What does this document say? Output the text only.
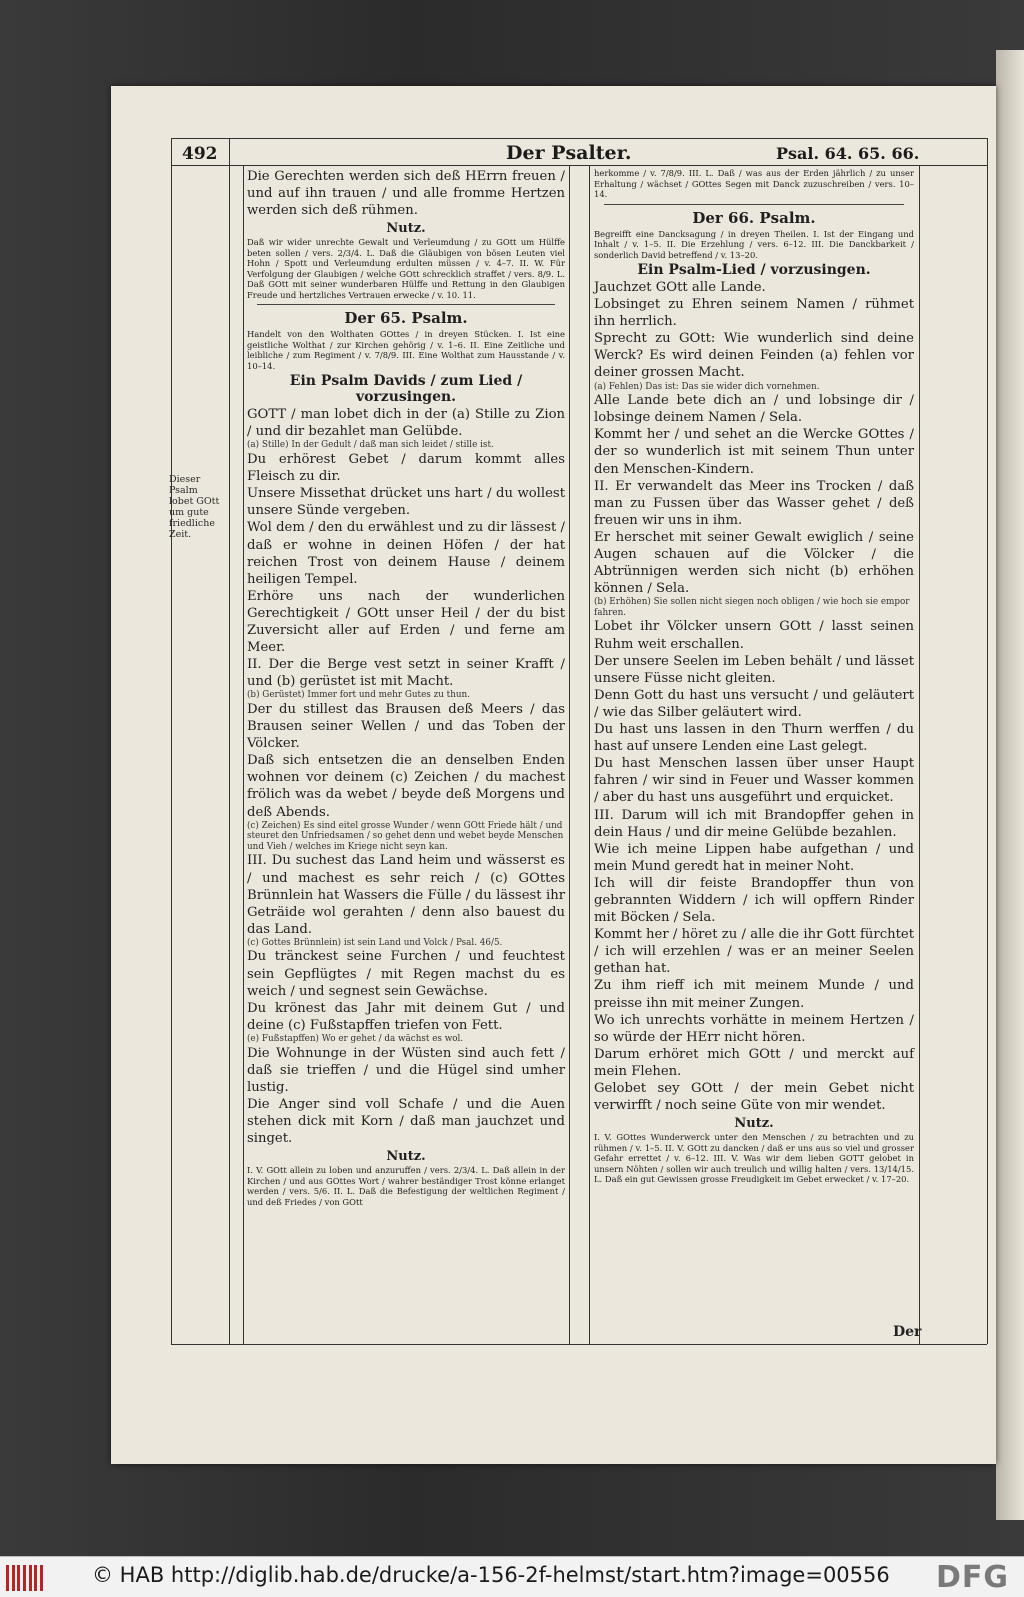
492	Der Psalter.	Psal. 64. 65. 66.
Dieser Psalm lobet GOtt um gute friedliche Zeit.

Die Gerechten werden sich deß HErrn freuen / und auf ihn trauen / und alle fromme Hertzen werden sich deß rühmen.

Nutz.

Daß wir wider unrechte Gewalt und Verleumdung / zu GOtt um Hülffe beten sollen / vers. 2/3/4. L. Daß die Gläubigen von bösen Leuten viel Hohn / Spott und Verleumdung erdulten müssen / v. 4–7. II. W. Für Verfolgung der Glaubigen / welche GOtt schrecklich straffet / vers. 8/9. L. Daß GOtt mit seiner wunderbaren Hülffe und Rettung in den Glaubigen Freude und hertzliches Vertrauen erwecke / v. 10. 11.

Der 65. Psalm.

Handelt von den Wolthaten GOttes / in dreyen Stücken. I. Ist eine geistliche Wolthat / zur Kirchen gehörig / v. 1–6. II. Eine Zeitliche und leibliche / zum Regiment / v. 7/8/9. III. Eine Wolthat zum Hausstande / v. 10–14.

Ein Psalm Davids / zum Lied / vorzusingen.

GOTT / man lobet dich in der (a) Stille zu Zion / und dir bezahlet man Gelübde.

(a) Stille) In der Gedult / daß man sich leidet / stille ist.

Du erhörest Gebet / darum kommt alles Fleisch zu dir.

Unsere Missethat drücket uns hart / du wollest unsere Sünde vergeben.

Wol dem / den du erwählest und zu dir lässest / daß er wohne in deinen Höfen / der hat reichen Trost von deinem Hause / deinem heiligen Tempel.

Erhöre uns nach der wunderlichen Gerechtigkeit / GOtt unser Heil / der du bist Zuversicht aller auf Erden / und ferne am Meer.

II. Der die Berge vest setzt in seiner Krafft / und (b) gerüstet ist mit Macht.

(b) Gerüstet) Immer fort und mehr Gutes zu thun.

Der du stillest das Brausen deß Meers / das Brausen seiner Wellen / und das Toben der Völcker.

Daß sich entsetzen die an denselben Enden wohnen vor deinem (c) Zeichen / du machest frölich was da webet / beyde deß Morgens und deß Abends.

(c) Zeichen) Es sind eitel grosse Wunder / wenn GOtt Friede hält / und steuret den Unfriedsamen / so gehet denn und webet beyde Menschen und Vieh / welches im Kriege nicht seyn kan.

III. Du suchest das Land heim und wässerst es / und machest es sehr reich / (c) GOttes Brünnlein hat Wassers die Fülle / du lässest ihr Geträide wol gerahten / denn also bauest du das Land.

(c) Gottes Brünnlein) ist sein Land und Volck / Psal. 46/5.

Du tränckest seine Furchen / und feuchtest sein Gepflügtes / mit Regen machst du es weich / und segnest sein Gewächse.

Du krönest das Jahr mit deinem Gut / und deine (c) Fußstapffen triefen von Fett.

(e) Fußstapffen) Wo er gehet / da wächst es wol.

Die Wohnunge in der Wüsten sind auch fett / daß sie trieffen / und die Hügel sind umher lustig.

Die Anger sind voll Schafe / und die Auen stehen dick mit Korn / daß man jauchzet und singet.

Nutz.

I. V. GOtt allein zu loben und anzuruffen / vers. 2/3/4. L. Daß allein in der Kirchen / und aus GOttes Wort / wahrer beständiger Trost könne erlanget werden / vers. 5/6. II. L. Daß die Befestigung der weltlichen Regiment / und deß Friedes / von GOtt

herkomme / v. 7/8/9. III. L. Daß / was aus der Erden jährlich / zu unser Erhaltung / wächset / GOttes Segen mit Danck zuzuschreiben / vers. 10–14.

Der 66. Psalm.

Begreifft eine Dancksagung / in dreyen Theilen. I. Ist der Eingang und Inhalt / v. 1–5. II. Die Erzehlung / vers. 6–12. III. Die Danckbarkeit / sonderlich David betreffend / v. 13–20.

Ein Psalm-Lied / vorzusingen.

Jauchzet GOtt alle Lande.

Lobsinget zu Ehren seinem Namen / rühmet ihn herrlich.

Sprecht zu GOtt: Wie wunderlich sind deine Werck? Es wird deinen Feinden (a) fehlen vor deiner grossen Macht.

(a) Fehlen) Das ist: Das sie wider dich vornehmen.

Alle Lande bete dich an / und lobsinge dir / lobsinge deinem Namen / Sela.

Kommt her / und sehet an die Wercke GOttes / der so wunderlich ist mit seinem Thun unter den Menschen-Kindern.

II. Er verwandelt das Meer ins Trocken / daß man zu Fussen über das Wasser gehet / deß freuen wir uns in ihm.

Er herschet mit seiner Gewalt ewiglich / seine Augen schauen auf die Völcker / die Abtrünnigen werden sich nicht (b) erhöhen können / Sela.

(b) Erhöhen) Sie sollen nicht siegen noch obligen / wie hoch sie empor fahren.

Lobet ihr Völcker unsern GOtt / lasst seinen Ruhm weit erschallen.

Der unsere Seelen im Leben behält / und lässet unsere Füsse nicht gleiten.

Denn Gott du hast uns versucht / und geläutert / wie das Silber geläutert wird.

Du hast uns lassen in den Thurn werffen / du hast auf unsere Lenden eine Last gelegt.

Du hast Menschen lassen über unser Haupt fahren / wir sind in Feuer und Wasser kommen / aber du hast uns ausgeführt und erquicket.

III. Darum will ich mit Brandopffer gehen in dein Haus / und dir meine Gelübde bezahlen.

Wie ich meine Lippen habe aufgethan / und mein Mund geredt hat in meiner Noht.

Ich will dir feiste Brandopffer thun von gebrannten Widdern / ich will opffern Rinder mit Böcken / Sela.

Kommt her / höret zu / alle die ihr Gott fürchtet / ich will erzehlen / was er an meiner Seelen gethan hat.

Zu ihm rieff ich mit meinem Munde / und preisse ihn mit meiner Zungen.

Wo ich unrechts vorhätte in meinem Hertzen / so würde der HErr nicht hören.

Darum erhöret mich GOtt / und merckt auf mein Flehen.

Gelobet sey GOtt / der mein Gebet nicht verwirfft / noch seine Güte von mir wendet.

Nutz.

I. V. GOttes Wunderwerck unter den Menschen / zu betrachten und zu rühmen / v. 1–5. II. V. GOtt zu dancken / daß er uns aus so viel und grosser Gefahr errettet / v. 6–12. III. V. Was wir dem lieben GOTT gelobet in unsern Nöhten / sollen wir auch treulich und willig halten / vers. 13/14/15. L. Daß ein gut Gewissen grosse Freudigkeit im Gebet erwecket / v. 17–20.

Der
© HAB http://diglib.hab.de/drucke/a-156-2f-helmst/start.htm?image=00556 DFG
